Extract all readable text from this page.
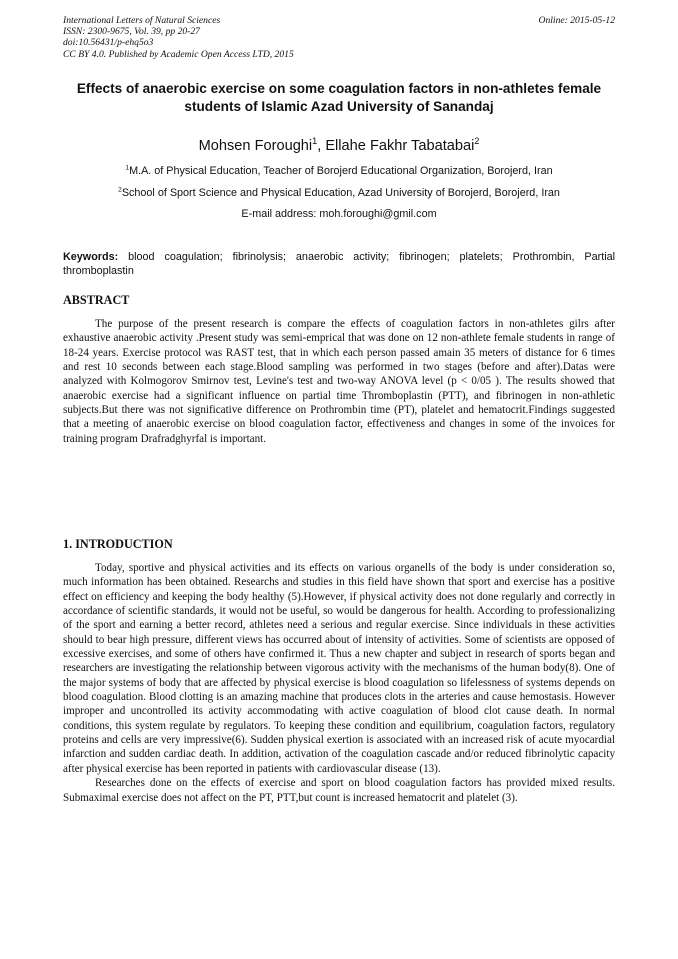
International Letters of Natural Sciences
ISSN: 2300-9675, Vol. 39, pp 20-27
doi:10.56431/p-ehq5o3
CC BY 4.0. Published by Academic Open Access LTD, 2015
Online: 2015-05-12
Effects of anaerobic exercise on some coagulation factors in non-athletes female students of Islamic Azad University of Sanandaj
Mohsen Foroughi$^1$, Ellahe Fakhr Tabatabai$^2$
$^1$M.A. of Physical Education, Teacher of Borojerd Educational Organization, Borojerd, Iran
$^2$School of Sport Science and Physical Education, Azad University of Borojerd, Borojerd, Iran
E-mail address: moh.foroughi@gmil.com
Keywords: blood coagulation; fibrinolysis; anaerobic activity; fibrinogen; platelets; Prothrombin, Partial thromboplastin
ABSTRACT
The purpose of the present research is compare the effects of coagulation factors in non-athletes gilrs after exhaustive anaerobic activity .Present study was semi-emprical that was done on 12 non-athlete female students in range of 18-24 years. Exercise protocol was RAST test, that in which each person passed amain 35 meters of distance for 6 times and rest 10 seconds between each stage.Blood sampling was performed in two stages (before and after).Datas were analyzed with Kolmogorov Smirnov test, Levine's test and two-way ANOVA level (p < 0/05 ). The results showed that anaerobic exercise had a significant influence on partial time Thromboplastin (PTT), and fibrinogen in non-athletic subjects.But there was not significative difference on Prothrombin time (PT), platelet and hematocrit.Findings suggested that a meeting of anaerobic exercise on blood coagulation factor, effectiveness and changes in some of the invoices for training program Drafradghyrfal is important.
1. INTRODUCTION
Today, sportive and physical activities and its effects on various organells of the body is under consideration so, much information has been obtained. Researchs and studies in this field have shown that sport and exercise has a positive effect on efficiency and keeping the body healthy (5).However, if physical activity does not done regularly and correctly in accordance of scientific standards, it would not be useful, so would be dangerous for health. According to professionalizing of the sport and earning a better record, athletes need a serious and regular exercise. Since individuals in these activities should to bear high pressure, different views has occurred about of intensity of activities. Some of scientists are opposed of excessive exercises, and some of others have confirmed it. Thus a new chapter and subject in research of sports began and researchers are investigating the relationship between vigorous activity with the mechanisms of the human body(8). One of the major systems of body that are affected by physical exercise is blood coagulation so lifelessness of systems depends on blood coagulation. Blood clotting is an amazing machine that produces clots in the arteries and cause hemostasis. However improper and uncontrolled its activity accommodating with active coagulation of blood clot cause death. In normal conditions, this system regulate by regulators. To keeping these condition and equilibrium, coagulation factors, regulatory proteins and cells are very impressive(6). Sudden physical exertion is associated with an increased risk of acute myocardial infarction and sudden cardiac death. In addition, activation of the coagulation cascade and/or reduced fibrinolytic capacity after physical exercise has been reported in patients with cardiovascular disease (13).
Researches done on the effects of exercise and sport on blood coagulation factors has provided mixed results. Submaximal exercise does not affect on the PT, PTT,but count is increased hematocrit and platelet (3).
